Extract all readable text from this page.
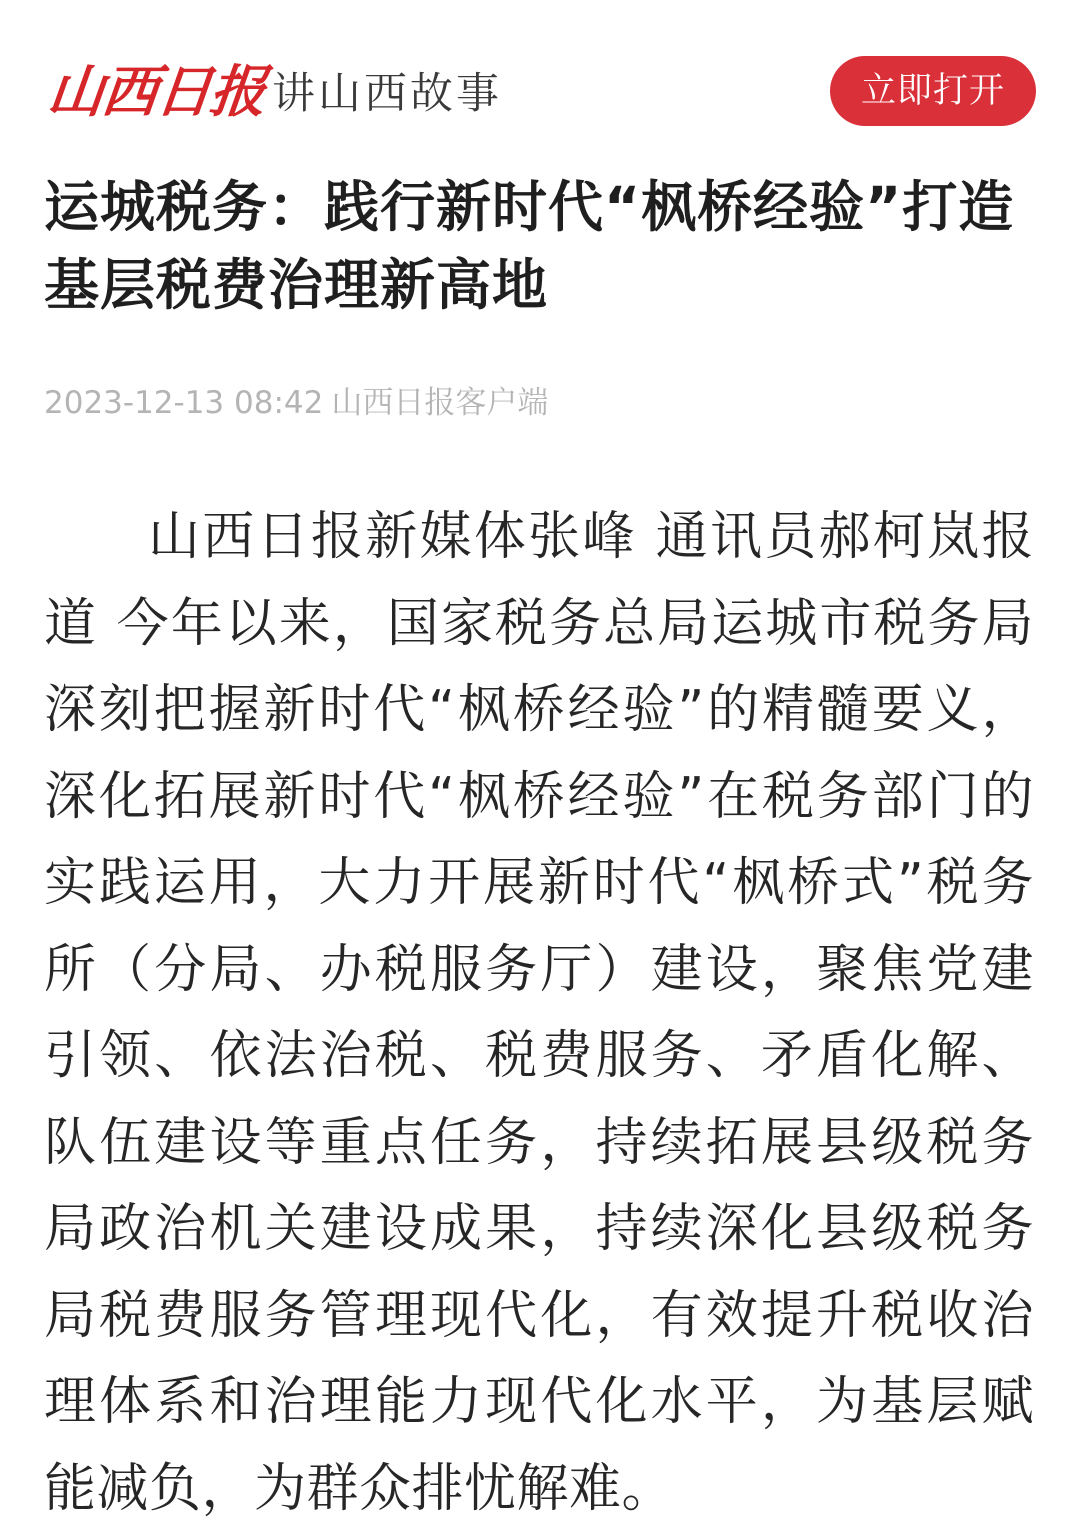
山西日报 讲山西故事	立即打开
运城税务：践行新时代“枫桥经验”打造基层税费治理新高地
2023-12-13 08:42 山西日报客户端

山西日报新媒体张峰 通讯员郝柯岚报道 今年以来，国家税务总局运城市税务局深刻把握新时代“枫桥经验”的精髓要义，深化拓展新时代“枫桥经验”在税务部门的实践运用，大力开展新时代“枫桥式”税务所（分局、办税服务厅）建设，聚焦党建引领、依法治税、税费服务、矛盾化解、队伍建设等重点任务，持续拓展县级税务局政治机关建设成果，持续深化县级税务局税费服务管理现代化，有效提升税收治理体系和治理能力现代化水平，为基层赋能减负，为群众排忧解难。
